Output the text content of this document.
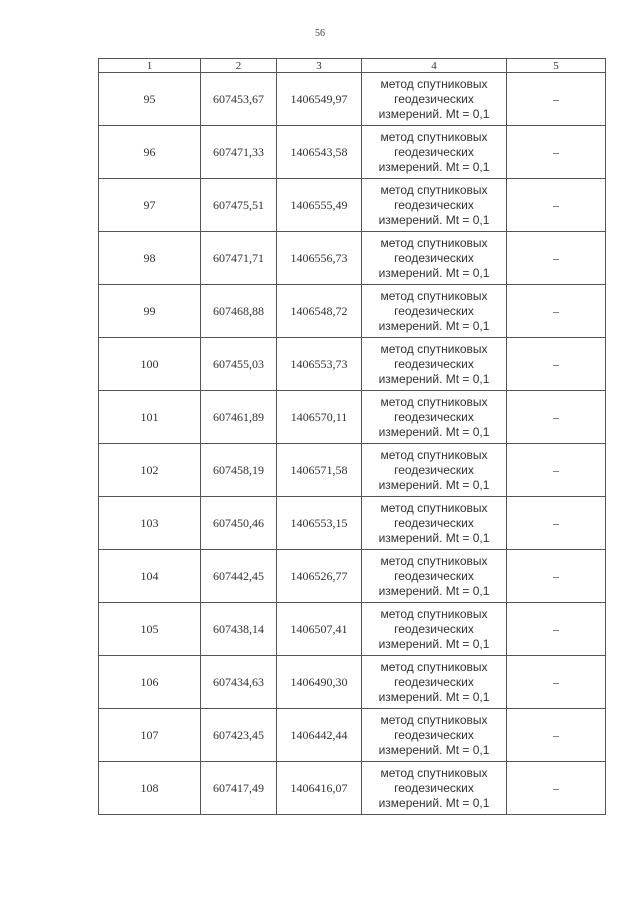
56
1	2	3	4	5
95	607453,67	1406549,97	метод спутниковых
геодезических
измерений. Mt = 0,1	–
96	607471,33	1406543,58	метод спутниковых
геодезических
измерений. Mt = 0,1	–
97	607475,51	1406555,49	метод спутниковых
геодезических
измерений. Mt = 0,1	–
98	607471,71	1406556,73	метод спутниковых
геодезических
измерений. Mt = 0,1	–
99	607468,88	1406548,72	метод спутниковых
геодезических
измерений. Mt = 0,1	–
100	607455,03	1406553,73	метод спутниковых
геодезических
измерений. Mt = 0,1	–
101	607461,89	1406570,11	метод спутниковых
геодезических
измерений. Mt = 0,1	–
102	607458,19	1406571,58	метод спутниковых
геодезических
измерений. Mt = 0,1	–
103	607450,46	1406553,15	метод спутниковых
геодезических
измерений. Mt = 0,1	–
104	607442,45	1406526,77	метод спутниковых
геодезических
измерений. Mt = 0,1	–
105	607438,14	1406507,41	метод спутниковых
геодезических
измерений. Mt = 0,1	–
106	607434,63	1406490,30	метод спутниковых
геодезических
измерений. Mt = 0,1	–
107	607423,45	1406442,44	метод спутниковых
геодезических
измерений. Mt = 0,1	–
108	607417,49	1406416,07	метод спутниковых
геодезических
измерений. Mt = 0,1	–
